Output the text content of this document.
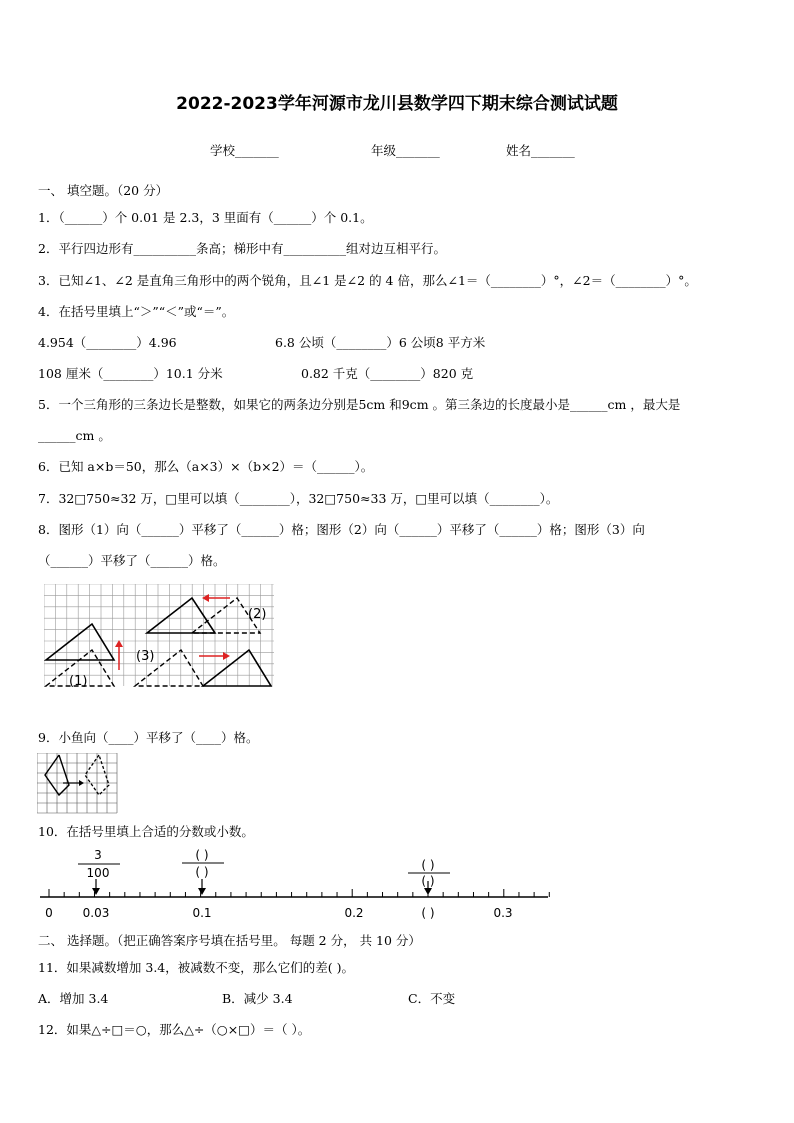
2022-2023学年河源市龙川县数学四下期末综合测试试题
学校_______	年级_______	姓名_______
一、 填空题。（20 分）
1．（______）个 0.01 是 2.3，3 里面有（______）个 0.1。
2．平行四边形有__________条高；梯形中有__________组对边互相平行。
3．已知∠1、∠2 是直角三角形中的两个锐角，且∠1 是∠2 的 4 倍，那么∠1＝（________）°，∠2＝（________）°。
4．在括号里填上“＞”“＜”或“＝”。
4.954（________）4.96	6.8 公顷（________）6 公顷8 平方米
108 厘米（________）10.1 分米	0.82 千克（________）820 克
5．一个三角形的三条边长是整数，如果它的两条边分别是5cm 和9cm 。第三条边的长度最小是______cm ，最大是
______cm 。
6．已知 a×b＝50，那么（a×3）×（b×2）＝（______）。
7．32□750≈32 万，□里可以填（________），32□750≈33 万，□里可以填（________）。
8．图形（1）向（______）平移了（______）格；图形（2）向（______）平移了（______）格；图形（3）向
（______）平移了（______）格。
(1)
(2)
(3)
9．小鱼向（____）平移了（____）格。
10．在括号里填上合适的分数或小数。
3
100
( )
( )	( )
( )
0 0.03	0.1	0.2	( )	0.3
二、 选择题。（把正确答案序号填在括号里。 每题 2 分， 共 10 分）
11．如果减数增加 3.4，被减数不变，那么它们的差( )。
A．增加 3.4	B．减少 3.4	C．不变
12．如果△÷□＝○，那么△÷（○×□）＝（ ）。
